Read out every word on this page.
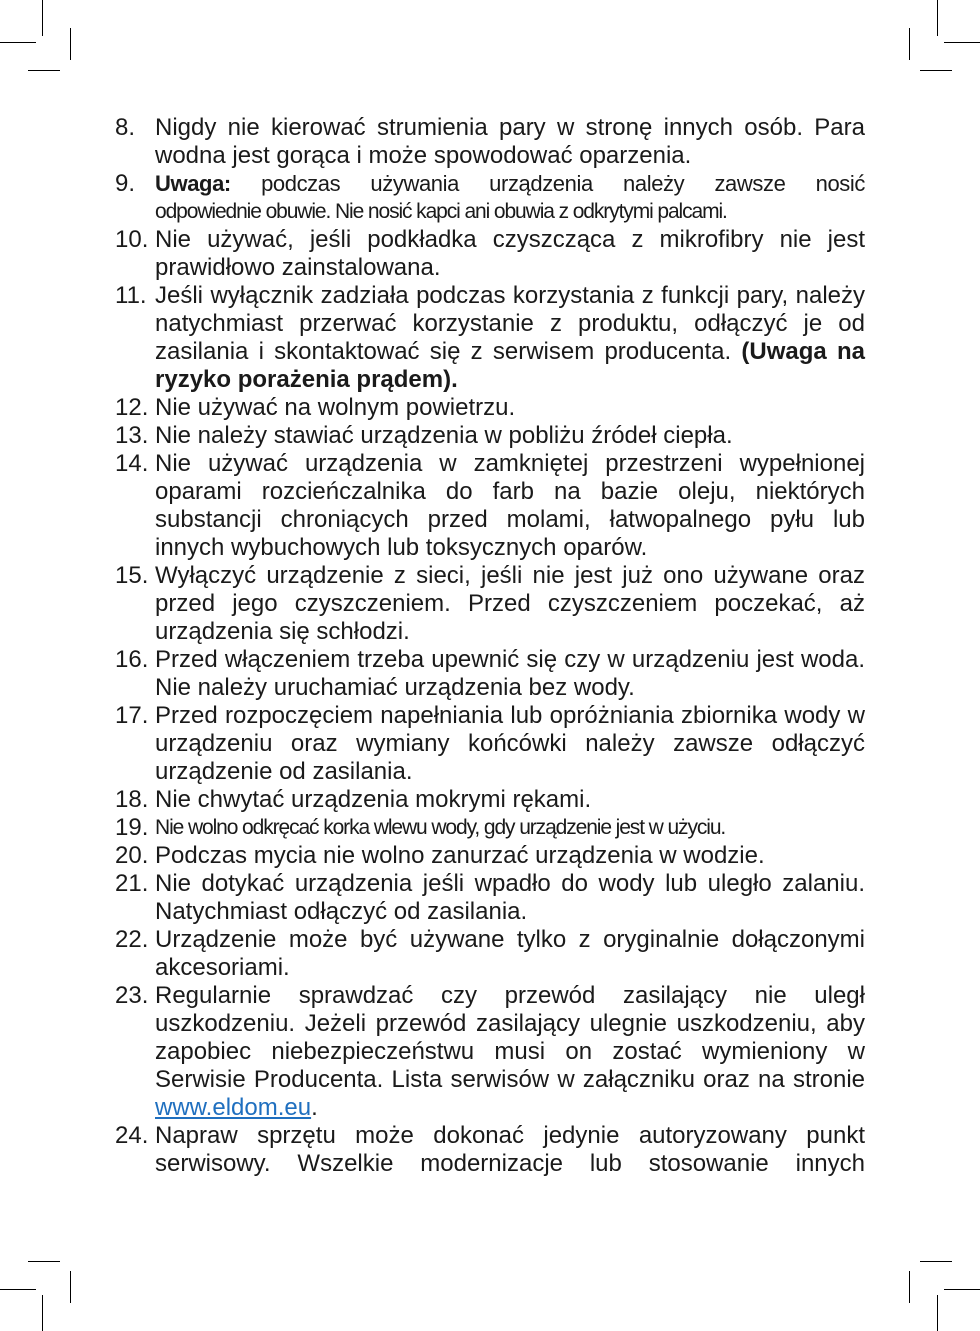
8. Nigdy nie kierować strumienia pary w stronę innych osób. Para wodna jest gorąca i może spowodować oparzenia.
9. Uwaga: podczas używania urządzenia należy zawsze nosić
odpowiednie obuwie. Nie nosić kapci ani obuwia z odkrytymi palcami.
10. Nie używać, jeśli podkładka czyszcząca z mikrofibry nie jest prawidłowo zainstalowana.
11. Jeśli wyłącznik zadziała podczas korzystania z funkcji pary, należy natychmiast przerwać korzystanie z produktu, odłączyć je od zasilania i skontaktować się z serwisem producenta. (Uwaga na ryzyko porażenia prądem).
12. Nie używać na wolnym powietrzu.
13. Nie należy stawiać urządzenia w pobliżu źródeł ciepła.
14. Nie używać urządzenia w zamkniętej przestrzeni wypełnionej oparami rozcieńczalnika do farb na bazie oleju, niektórych substancji chroniących przed molami, łatwopalnego pyłu lub innych wybuchowych lub toksycznych oparów.
15. Wyłączyć urządzenie z sieci, jeśli nie jest już ono używane oraz przed jego czyszczeniem. Przed czyszczeniem poczekać, aż urządzenia się schłodzi.
16. Przed włączeniem trzeba upewnić się czy w urządzeniu jest woda. Nie należy uruchamiać urządzenia bez wody.
17. Przed rozpoczęciem napełniania lub opróżniania zbiornika wody w urządzeniu oraz wymiany końcówki należy zawsze odłączyć urządzenie od zasilania.
18. Nie chwytać urządzenia mokrymi rękami.
19. Nie wolno odkręcać korka wlewu wody, gdy urządzenie jest w użyciu.
20. Podczas mycia nie wolno zanurzać urządzenia w wodzie.
21. Nie dotykać urządzenia jeśli wpadło do wody lub uległo zalaniu. Natychmiast odłączyć od zasilania.
22. Urządzenie może być używane tylko z oryginalnie dołączonymi akcesoriami.
23. Regularnie sprawdzać czy przewód zasilający nie uległ uszkodzeniu. Jeżeli przewód zasilający ulegnie uszkodzeniu, aby zapobiec niebezpieczeństwu musi on zostać wymieniony w Serwisie Producenta. Lista serwisów w załączniku oraz na stronie www.eldom.eu.
24. Napraw sprzętu może dokonać jedynie autoryzowany punkt serwisowy. Wszelkie modernizacje lub stosowanie innych
